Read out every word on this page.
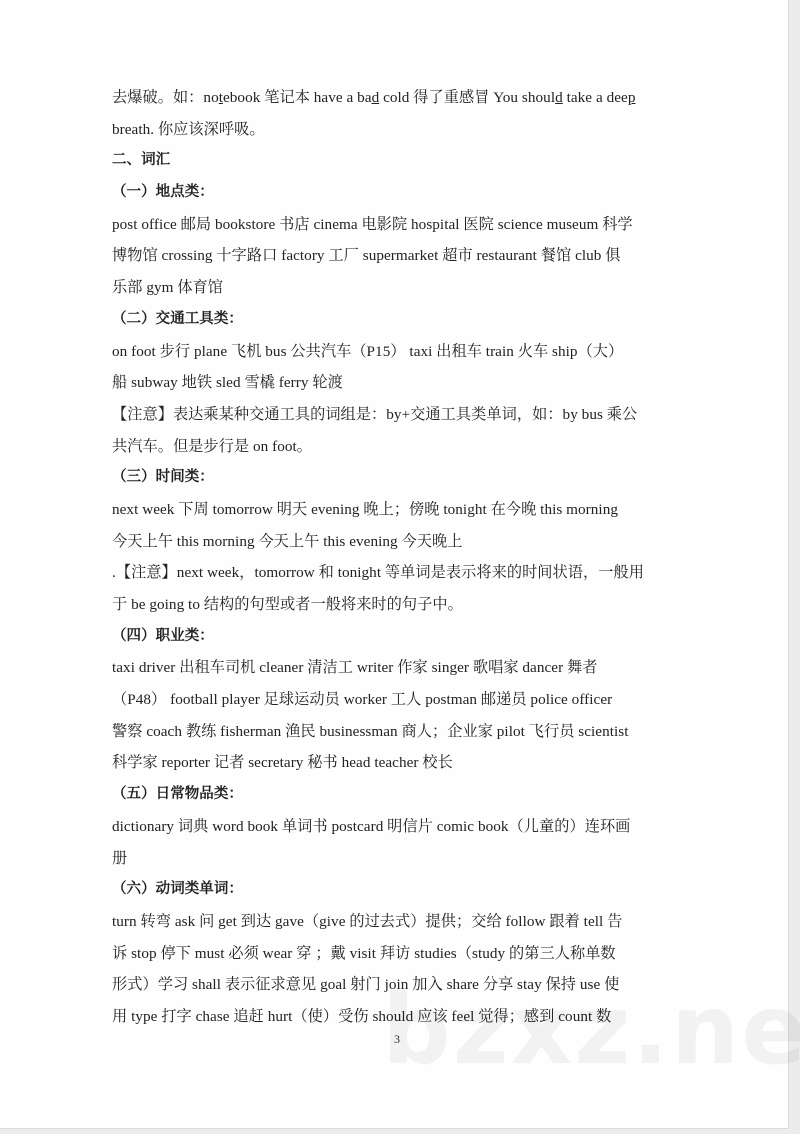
去爆破。如：notebook 笔记本 have a bad cold 得了重感冒 You should take a deep
breath. 你应该深呼吸。
二、词汇
（一）地点类：
post office 邮局 bookstore 书店 cinema 电影院 hospital 医院 science museum 科学
博物馆 crossing 十字路口 factory 工厂 supermarket 超市 restaurant 餐馆 club 俱
乐部 gym 体育馆
（二）交通工具类：
on foot 步行 plane 飞机 bus 公共汽车（P15） taxi 出租车 train 火车 ship（大）
船 subway 地铁 sled 雪橇 ferry 轮渡
【注意】表达乘某种交通工具的词组是：by+交通工具类单词，如：by bus 乘公
共汽车。但是步行是 on foot。
（三）时间类：
next week 下周 tomorrow 明天 evening 晚上；傍晚 tonight 在今晚 this morning
今天上午 this morning 今天上午 this evening 今天晚上
.【注意】next week，tomorrow 和 tonight 等单词是表示将来的时间状语，一般用
于 be going to 结构的句型或者一般将来时的句子中。
（四）职业类：
taxi driver 出租车司机 cleaner 清洁工 writer 作家 singer 歌唱家 dancer 舞者
（P48） football player 足球运动员 worker 工人 postman 邮递员 police officer
警察 coach 教练 fisherman 渔民 businessman 商人；企业家 pilot 飞行员 scientist
科学家 reporter 记者 secretary 秘书 head teacher 校长
（五）日常物品类：
dictionary 词典 word book 单词书 postcard 明信片 comic book（儿童的）连环画
册
（六）动词类单词：
turn 转弯 ask 问 get 到达 gave（give 的过去式）提供；交给 follow 跟着 tell 告
诉 stop 停下 must 必须 wear 穿 ；戴 visit 拜访 studies（study 的第三人称单数
形式）学习 shall 表示征求意见 goal 射门 join 加入 share 分享 stay 保持 use 使
用 type 打字 chase 追赶 hurt（使）受伤 should 应该 feel 觉得；感到 count 数
3
